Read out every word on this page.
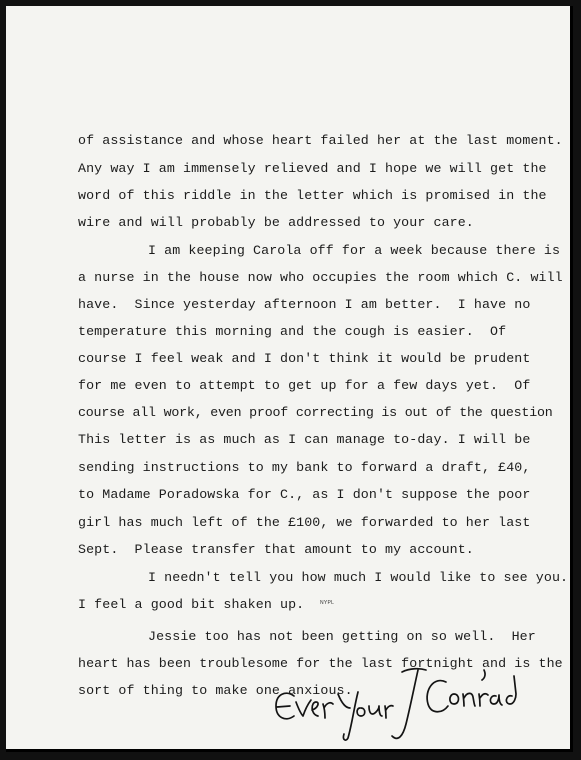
of assistance and whose heart failed her at the last moment.
Any way I am immensely relieved and I hope we will get the
word of this riddle in the letter which is promised in the
wire and will probably be addressed to your care.
I am keeping Carola off for a week because there is
a nurse in the house now who occupies the room which C. will
have.  Since yesterday afternoon I am better.  I have no
temperature this morning and the cough is easier.  Of
course I feel weak and I don't think it would be prudent
for me even to attempt to get up for a few days yet.  Of
course all work, even proof correcting is out of the question
This letter is as much as I can manage to-day. I will be
sending instructions to my bank to forward a draft, £40,
to Madame Poradowska for C., as I don't suppose the poor
girl has much left of the £100, we forwarded to her last
Sept.  Please transfer that amount to my account.
I needn't tell you how much I would like to see you.
I feel a good bit shaken up.	NYPL
Jessie too has not been getting on so well.  Her
heart has been troublesome for the last fortnight and is the
sort of thing to make one anxious.
